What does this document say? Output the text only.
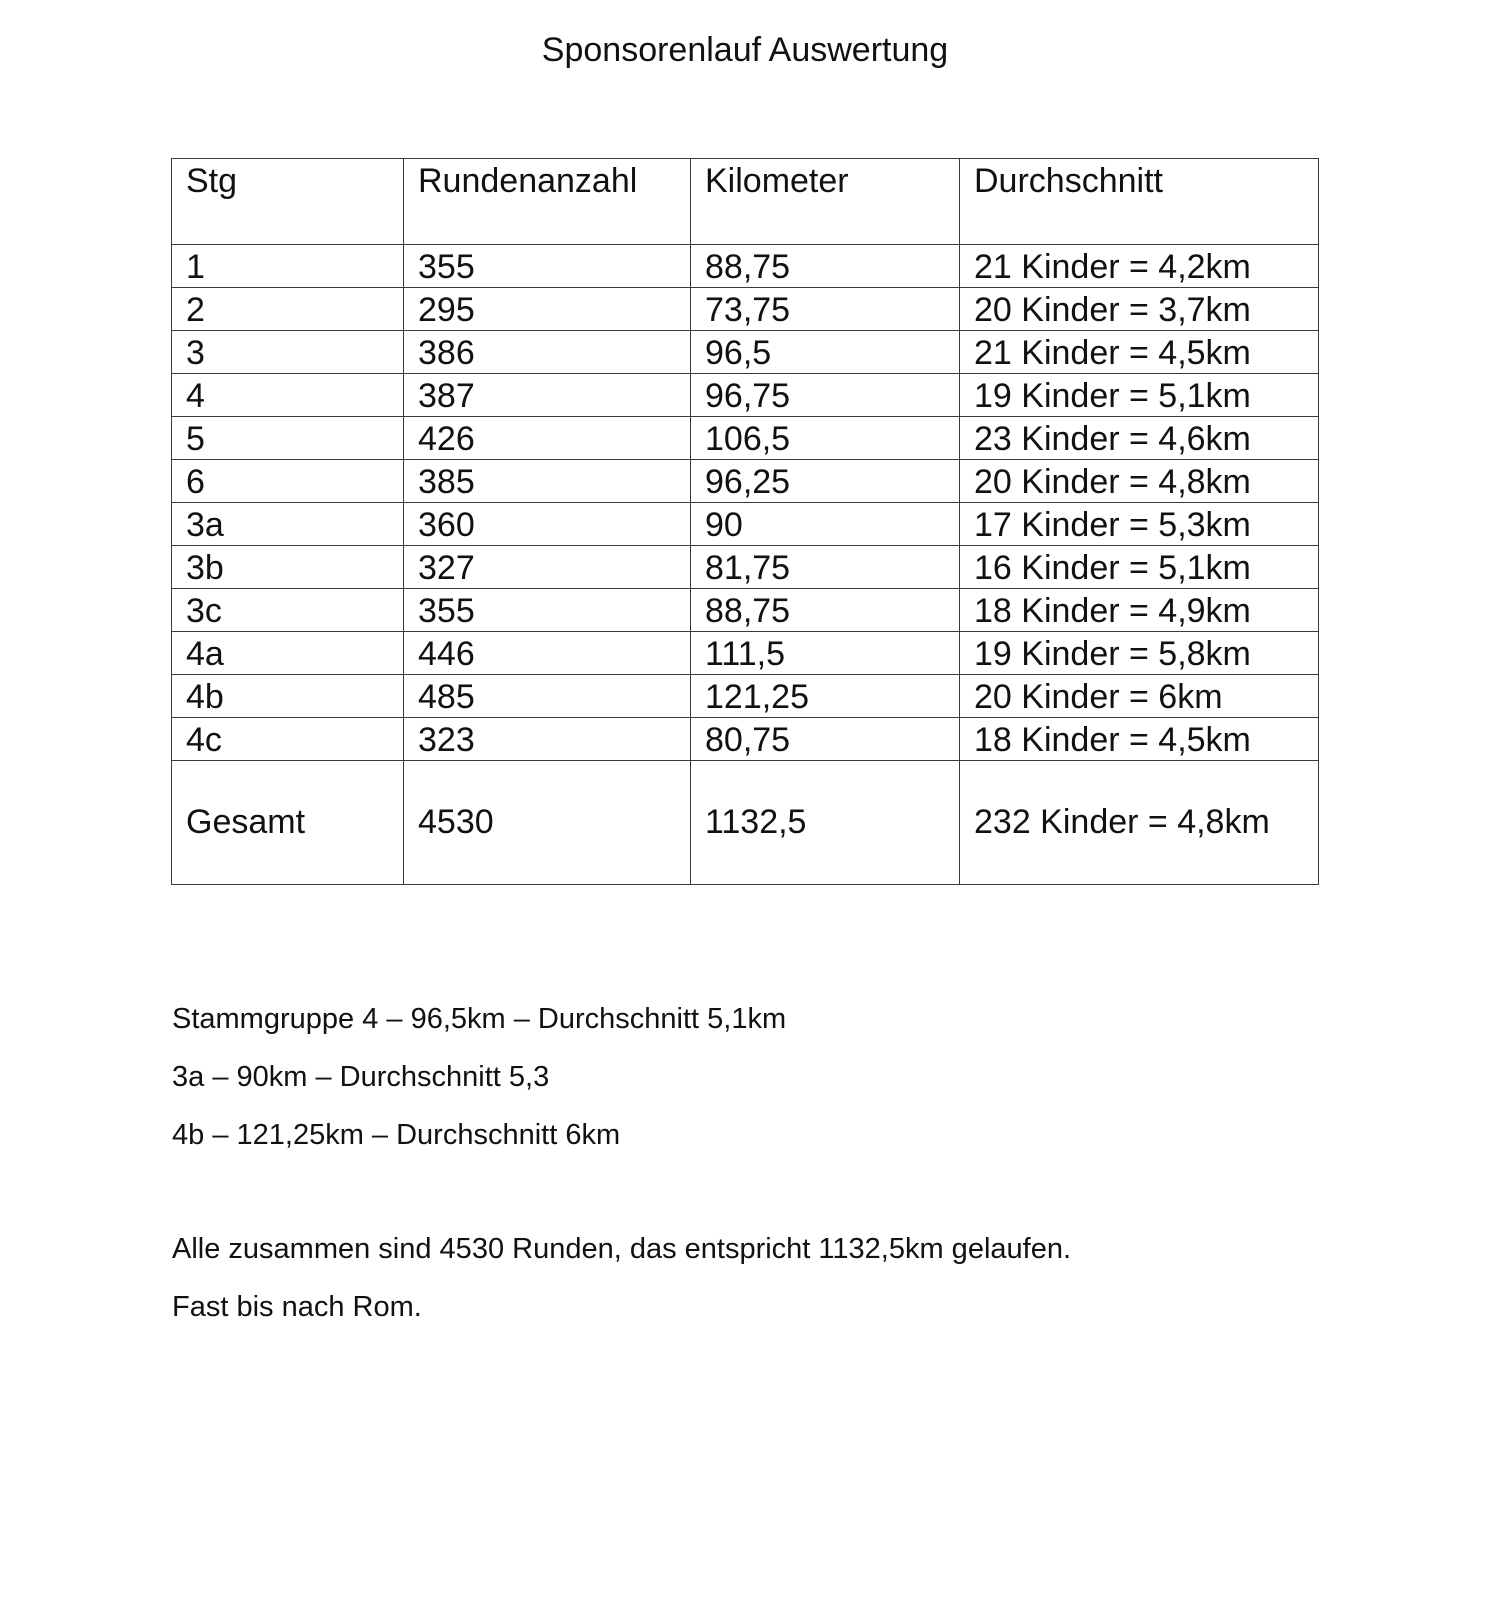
Sponsorenlauf Auswertung
Stg	Rundenanzahl	Kilometer	Durchschnitt
1	355	88,75	21 Kinder = 4,2km
2	295	73,75	20 Kinder = 3,7km
3	386	96,5	21 Kinder = 4,5km
4	387	96,75	19 Kinder = 5,1km
5	426	106,5	23 Kinder = 4,6km
6	385	96,25	20 Kinder = 4,8km
3a	360	90	17 Kinder = 5,3km
3b	327	81,75	16 Kinder = 5,1km
3c	355	88,75	18 Kinder = 4,9km
4a	446	111,5	19 Kinder = 5,8km
4b	485	121,25	20 Kinder = 6km
4c	323	80,75	18 Kinder = 4,5km
Gesamt	4530	1132,5	232 Kinder = 4,8km

Stammgruppe 4 – 96,5km – Durchschnitt 5,1km

3a – 90km – Durchschnitt 5,3

4b – 121,25km – Durchschnitt 6km

Alle zusammen sind 4530 Runden, das entspricht 1132,5km gelaufen.

Fast bis nach Rom.
